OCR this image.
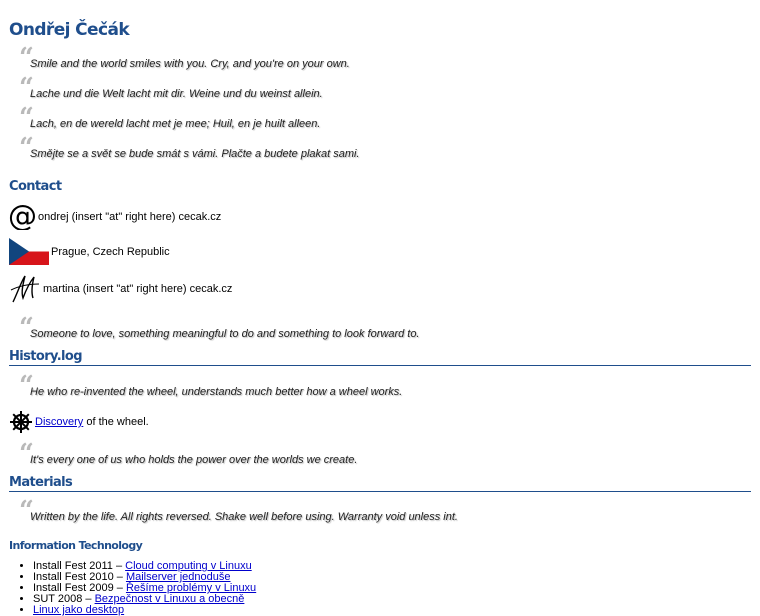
Ondřej Čečák
“
Smile and the world smiles with you. Cry, and you're on your own.
“
Lache und die Welt lacht mit dir. Weine und du weinst allein.
“
Lach, en de wereld lacht met je mee; Huil, en je huilt alleen.
“
Smějte se a svět se bude smát s vámi. Plačte a budete plakat sami.
Contact
@ ondrej (insert "at" right here) cecak.cz
Prague, Czech Republic
martina (insert "at" right here) cecak.cz
“
Someone to love, something meaningful to do and something to look forward to.
History.log
“
He who re-invented the wheel, understands much better how a wheel works.
Discovery of the wheel.
“
It's every one of us who holds the power over the worlds we create.
Materials
“
Written by the life. All rights reversed. Shake well before using. Warranty void unless int.
Information Technology
• Install Fest 2011 – Cloud computing v Linuxu
• Install Fest 2010 – Mailserver jednoduše
• Install Fest 2009 – Řešíme problémy v Linuxu
• SUT 2008 – Bezpečnost v Linuxu a obecně
• Linux jako desktop
